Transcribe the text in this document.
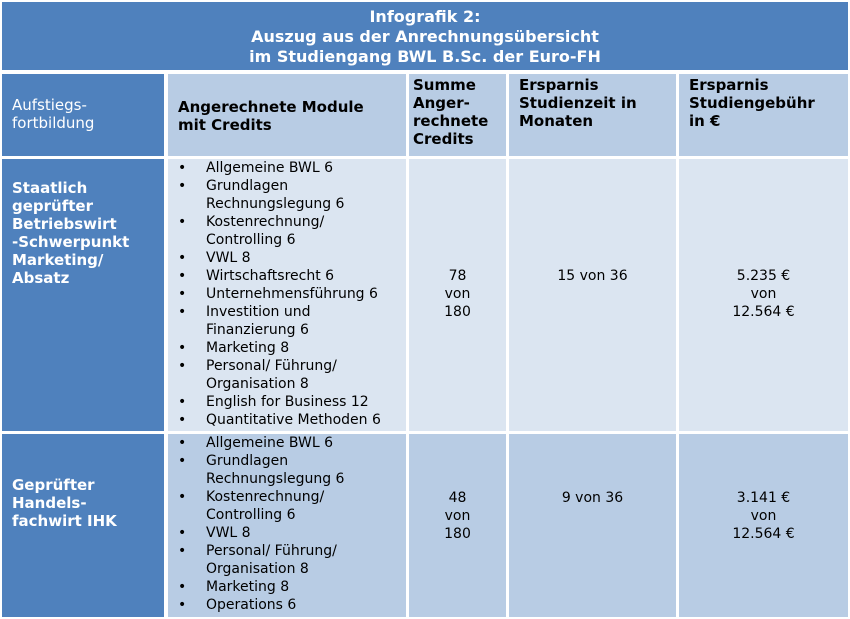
Infografik 2:
Auszug aus der Anrechnungsübersicht
im Studiengang BWL B.Sc. der Euro-FH
Aufstiegs-
fortbildung
Angerechnete Module
mit Credits
Summe
Anger-
rechnete
Credits
Ersparnis
Studienzeit in
Monaten
Ersparnis
Studiengebühr
in €
Staatlich
geprüfter
Betriebswirt
-Schwerpunkt
Marketing/
Absatz
• Allgemeine BWL 6
• Grundlagen
Rechnungslegung 6
• Kostenrechnung/
Controlling 6
• VWL 8
• Wirtschaftsrecht 6
• Unternehmensführung 6
• Investition und
Finanzierung 6
• Marketing 8
• Personal/ Führung/
Organisation 8
• English for Business 12
• Quantitative Methoden 6
78
von
180
15 von 36	5.235 €
von
12.564 €
Geprüfter
Handels-
fachwirt IHK
• Allgemeine BWL 6
• Grundlagen
Rechnungslegung 6
• Kostenrechnung/
Controlling 6
• VWL 8
• Personal/ Führung/
Organisation 8
• Marketing 8
• Operations 6
48
von
180
9 von 36	3.141 €
von
12.564 €
